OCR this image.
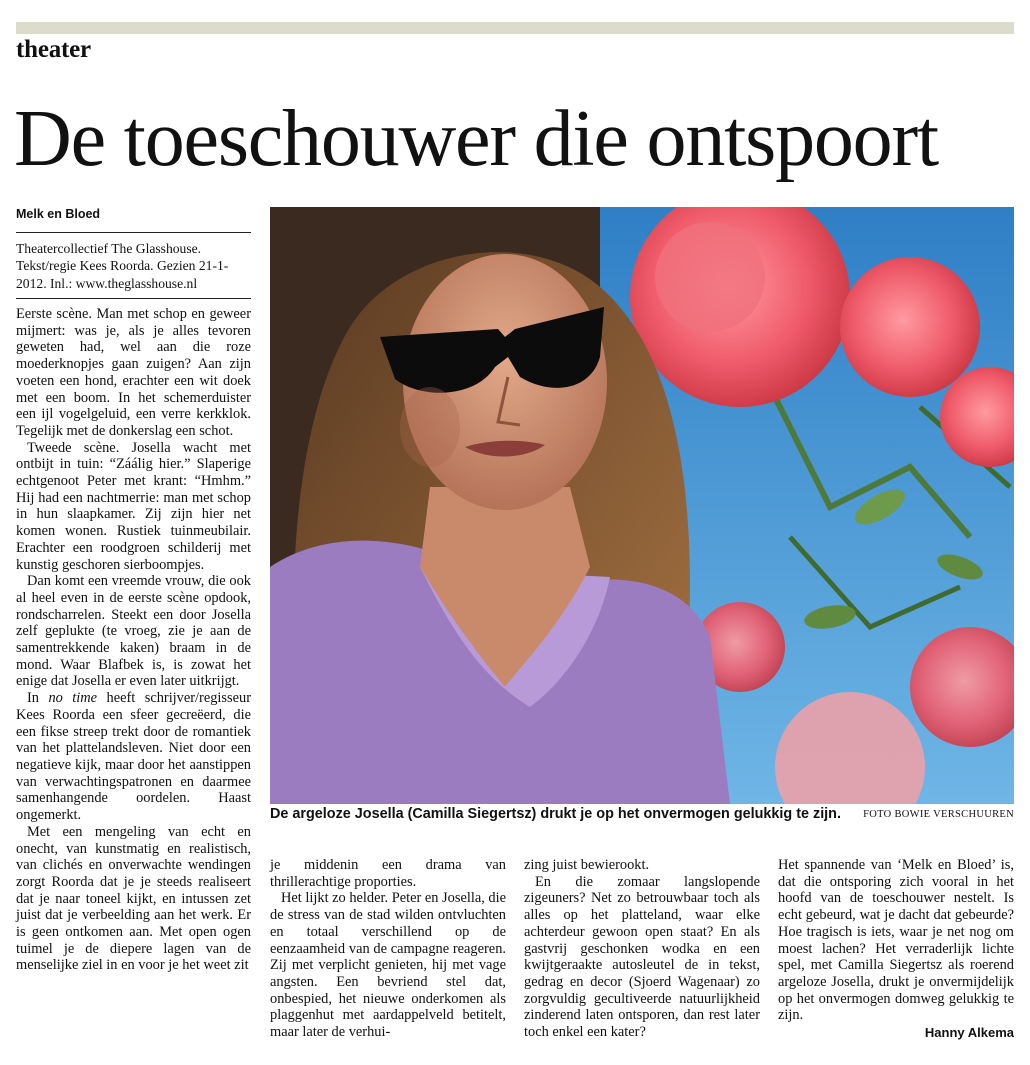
theater
De toeschouwer die ontspoort
Melk en Bloed
Theatercollectief The Glasshouse. Tekst/regie Kees Roorda. Gezien 21-1-2012. Inl.: www.theglasshouse.nl

Eerste scène. Man met schop en geweer mijmert: was je, als je alles tevoren geweten had, wel aan die roze moederknopjes gaan zuigen? Aan zijn voeten een hond, erachter een wit doek met een boom. In het schemerduister een ijl vogelgeluid, een verre kerkklok. Tegelijk met de donkerslag een schot.

Tweede scène. Josella wacht met ontbijt in tuin: “Záálig hier.” Slaperige echtgenoot Peter met krant: “Hmhm.” Hij had een nachtmerrie: man met schop in hun slaapkamer. Zij zijn hier net komen wonen. Rustiek tuinmeubilair. Erachter een roodgroen schilderij met kunstig geschoren sierboompjes.

Dan komt een vreemde vrouw, die ook al heel even in de eerste scène opdook, rondscharrelen. Steekt een door Josella zelf geplukte (te vroeg, zie je aan de samentrekkende kaken) braam in de mond. Waar Blafbek is, is zowat het enige dat Josella er even later uitkrijgt.

In no time heeft schrijver/regisseur Kees Roorda een sfeer gecreëerd, die een fikse streep trekt door de romantiek van het plattelandsleven. Niet door een negatieve kijk, maar door het aanstippen van verwachtingspatronen en daarmee samenhangende oordelen. Haast ongemerkt.

Met een mengeling van echt en onecht, van kunstmatig en realistisch, van clichés en onverwachte wendingen zorgt Roorda dat je je steeds realiseert dat je naar toneel kijkt, en intussen zet juist dat je verbeelding aan het werk. Er is geen ontkomen aan. Met open ogen tuimel je de diepere lagen van de menselijke ziel in en voor je het weet zit

De argeloze Josella (Camilla Siegertsz) drukt je op het onvermogen gelukkig te zijn. FOTO BOWIE VERSCHUUREN

je middenin een drama van thrillerachtige proporties.

Het lijkt zo helder. Peter en Josella, die de stress van de stad wilden ontvluchten en totaal verschillend op de eenzaamheid van de campagne reageren. Zij met verplicht genieten, hij met vage angsten. Een bevriend stel dat, onbespied, het nieuwe onderkomen als plaggenhut met aardappelveld betitelt, maar later de verhui-

zing juist bewierookt.

En die zomaar langslopende zigeuners? Net zo betrouwbaar toch als alles op het platteland, waar elke achterdeur gewoon open staat? En als gastvrij geschonken wodka en een kwijtgeraakte autosleutel de in tekst, gedrag en decor (Sjoerd Wagenaar) zo zorgvuldig gecultiveerde natuurlijkheid zinderend laten ontsporen, dan rest later toch enkel een kater?

Het spannende van ‘Melk en Bloed’ is, dat die ontsporing zich vooral in het hoofd van de toeschouwer nestelt. Is echt gebeurd, wat je dacht dat gebeurde? Hoe tragisch is iets, waar je net nog om moest lachen? Het verraderlijk lichte spel, met Camilla Siegertsz als roerend argeloze Josella, drukt je onvermijdelijk op het onvermogen domweg gelukkig te zijn.

Hanny Alkema
